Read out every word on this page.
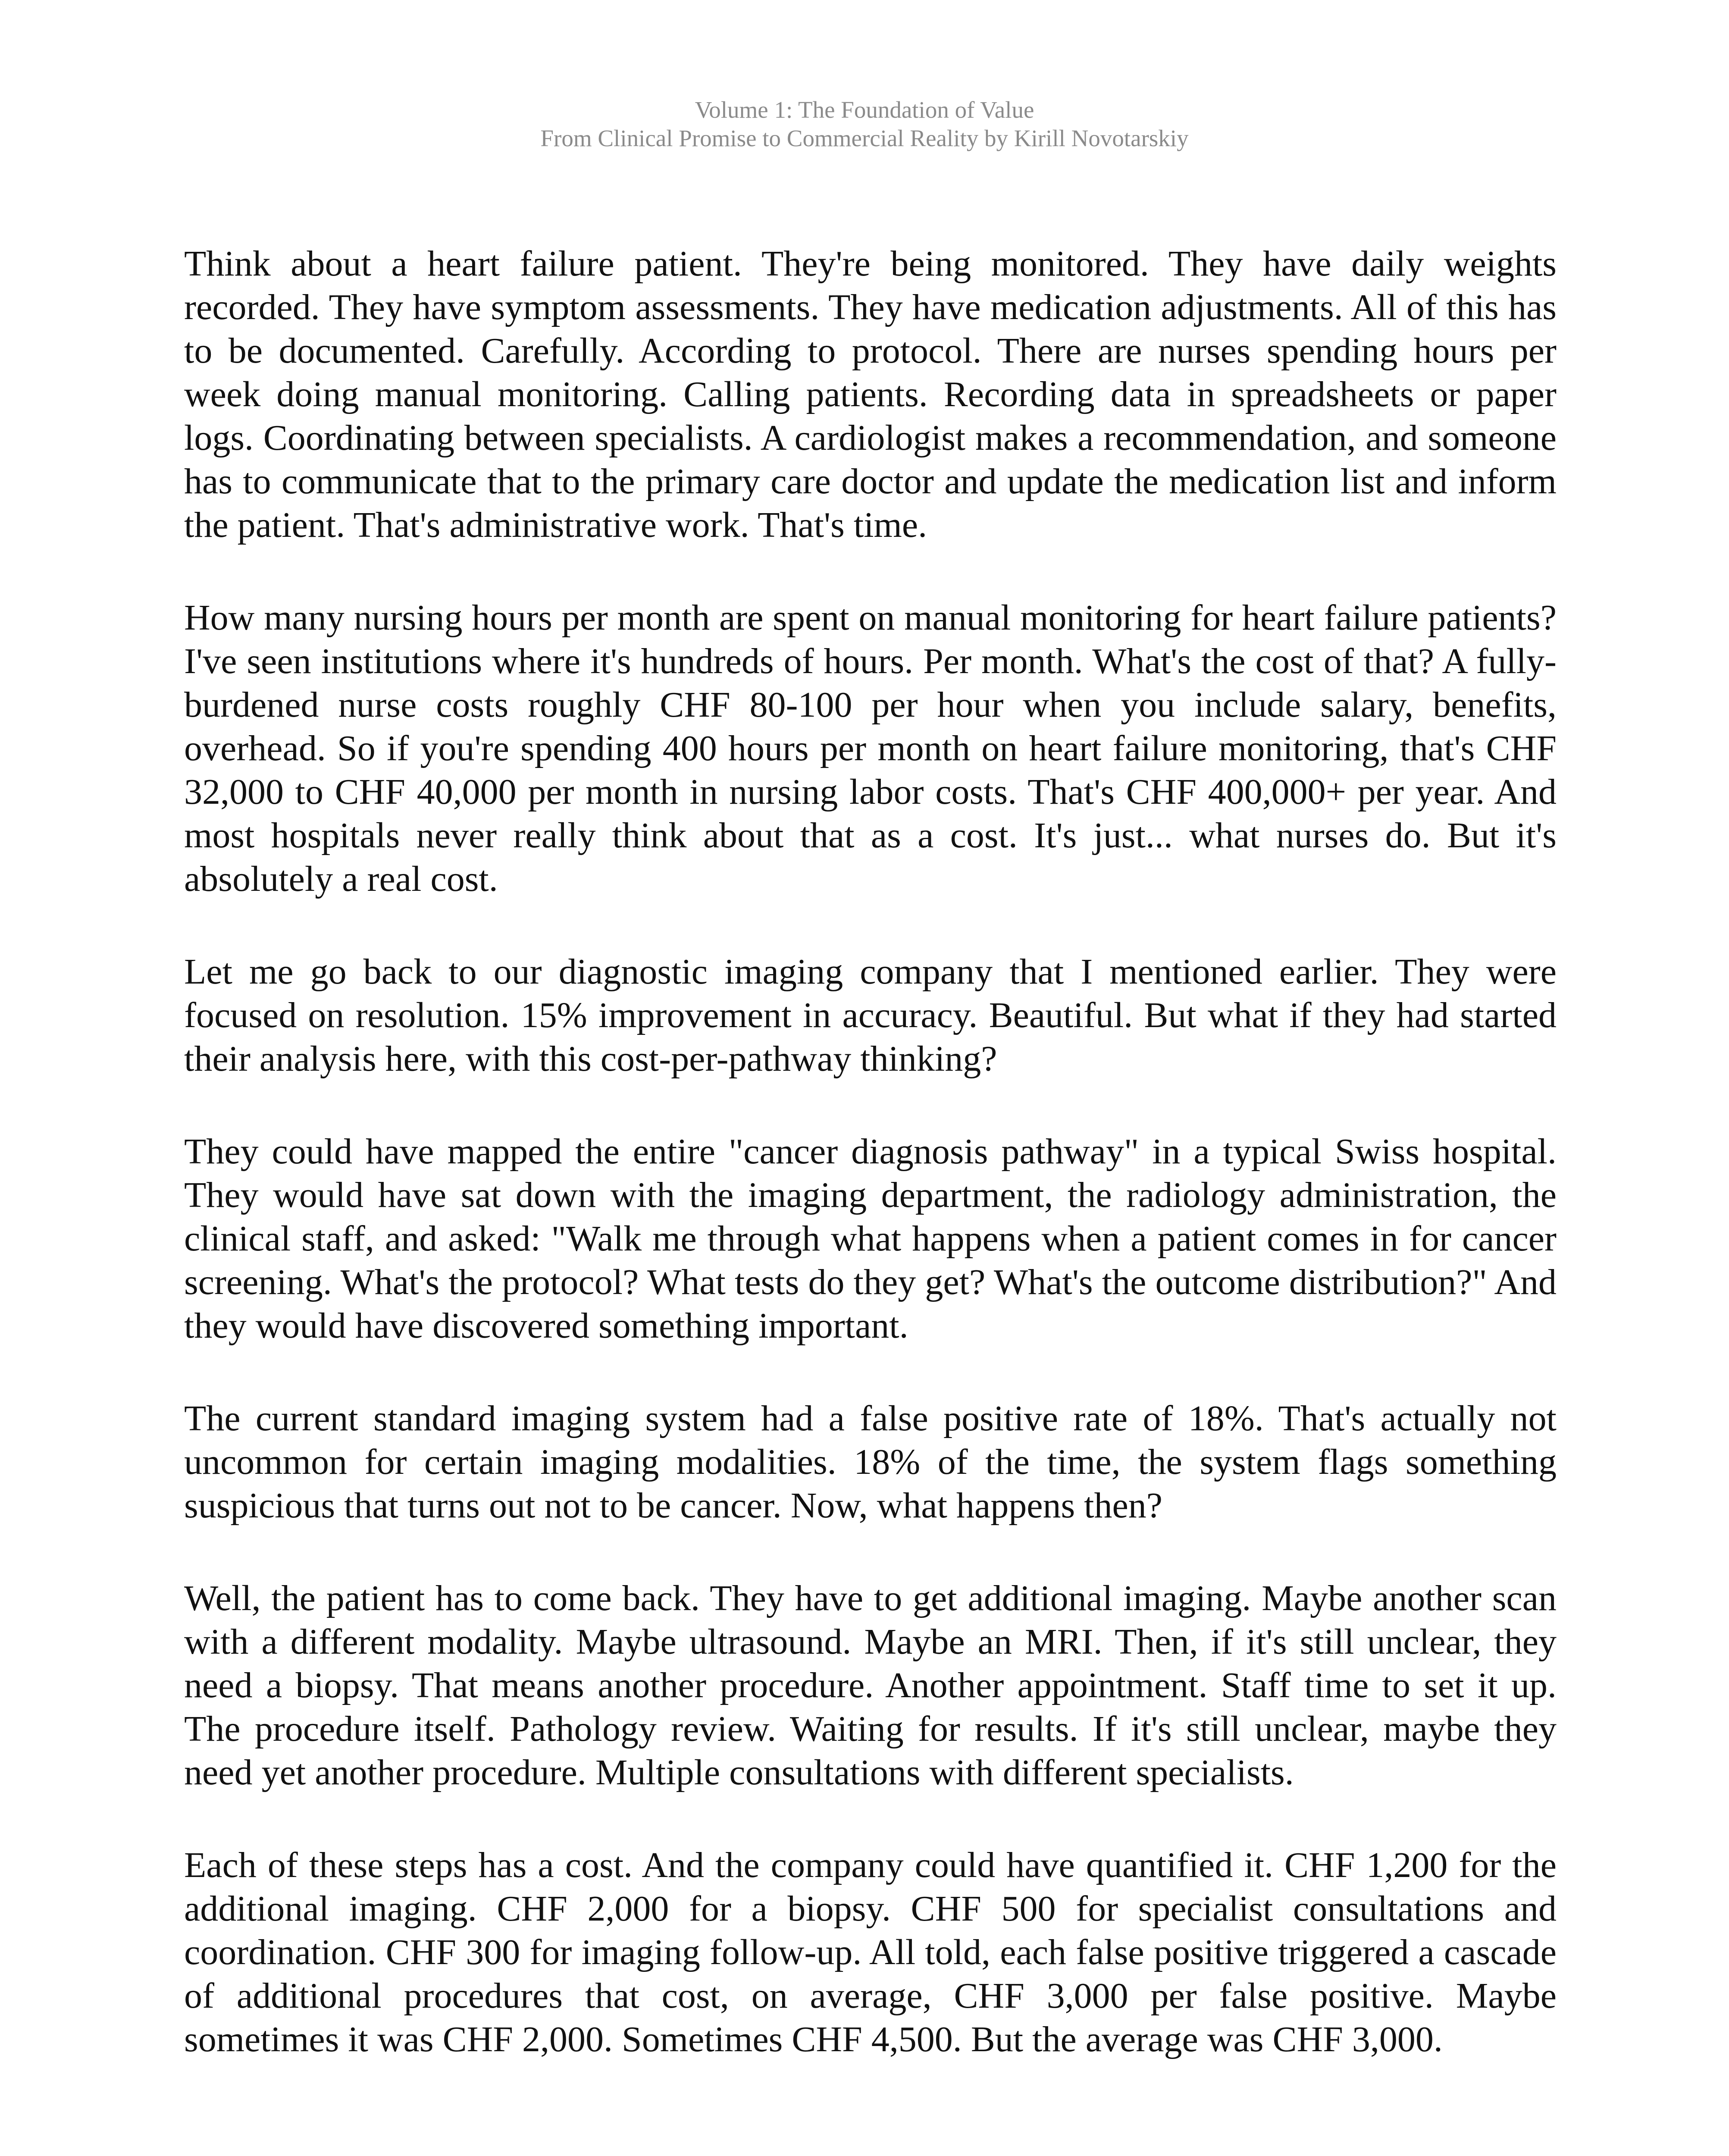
Volume 1: The Foundation of Value
From Clinical Promise to Commercial Reality by Kirill Novotarskiy

Think about a heart failure patient. They're being monitored. They have daily weights recorded. They have symptom assessments. They have medication adjustments. All of this has to be documented. Carefully. According to protocol. There are nurses spending hours per week doing manual monitoring. Calling patients. Recording data in spreadsheets or paper logs. Coordinating between specialists. A cardiologist makes a recommendation, and someone has to communicate that to the primary care doctor and update the medication list and inform the patient. That's administrative work. That's time.

How many nursing hours per month are spent on manual monitoring for heart failure patients? I've seen institutions where it's hundreds of hours. Per month. What's the cost of that? A fully-burdened nurse costs roughly CHF 80-100 per hour when you include salary, benefits, overhead. So if you're spending 400 hours per month on heart failure monitoring, that's CHF 32,000 to CHF 40,000 per month in nursing labor costs. That's CHF 400,000+ per year. And most hospitals never really think about that as a cost. It's just... what nurses do. But it's absolutely a real cost.

Let me go back to our diagnostic imaging company that I mentioned earlier. They were focused on resolution. 15% improvement in accuracy. Beautiful. But what if they had started their analysis here, with this cost-per-pathway thinking?

They could have mapped the entire "cancer diagnosis pathway" in a typical Swiss hospital. They would have sat down with the imaging department, the radiology administration, the clinical staff, and asked: "Walk me through what happens when a patient comes in for cancer screening. What's the protocol? What tests do they get? What's the outcome distribution?" And they would have discovered something important.

The current standard imaging system had a false positive rate of 18%. That's actually not uncommon for certain imaging modalities. 18% of the time, the system flags something suspicious that turns out not to be cancer. Now, what happens then?

Well, the patient has to come back. They have to get additional imaging. Maybe another scan with a different modality. Maybe ultrasound. Maybe an MRI. Then, if it's still unclear, they need a biopsy. That means another procedure. Another appointment. Staff time to set it up. The procedure itself. Pathology review. Waiting for results. If it's still unclear, maybe they need yet another procedure. Multiple consultations with different specialists.

Each of these steps has a cost. And the company could have quantified it. CHF 1,200 for the additional imaging. CHF 2,000 for a biopsy. CHF 500 for specialist consultations and coordination. CHF 300 for imaging follow-up. All told, each false positive triggered a cascade of additional procedures that cost, on average, CHF 3,000 per false positive. Maybe sometimes it was CHF 2,000. Sometimes CHF 4,500. But the average was CHF 3,000.
